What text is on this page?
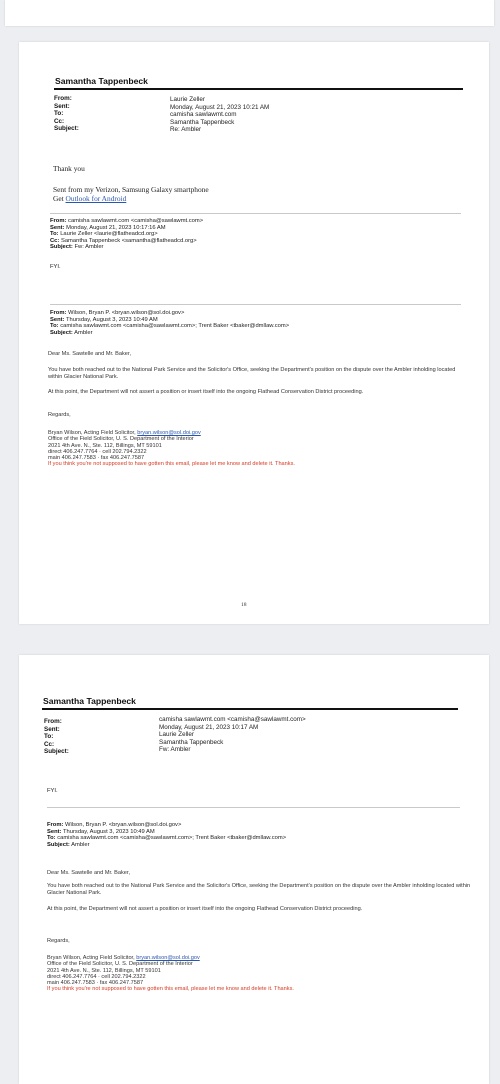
Samantha Tappenbeck
From:
Sent:
To:
Cc:
Subject:
Laurie Zeller
Monday, August 21, 2023 10:21 AM
camisha sawlawmt.com
Samantha Tappenbeck
Re: Ambler
Thank you
Sent from my Verizon, Samsung Galaxy smartphone
Get Outlook for Android
From: camisha sawlawmt.com <camisha@sawlawmt.com>
Sent: Monday, August 21, 2023 10:17:16 AM
To: Laurie Zeller <laurie@flatheadcd.org>
Cc: Samantha Tappenbeck <samantha@flatheadcd.org>
Subject: Fw: Ambler
FYI.
From: Wilson, Bryan P. <bryan.wilson@sol.doi.gov>
Sent: Thursday, August 3, 2023 10:49 AM
To: camisha sawlawmt.com <camisha@sawlawmt.com>; Trent Baker <tbaker@dmllaw.com>
Subject: Ambler
Dear Ms. Sawtelle and Mr. Baker,
You have both reached out to the National Park Service and the Solicitor's Office, seeking the Department's position on the dispute over the Ambler inholding located within Glacier National Park.
At this point, the Department will not assert a position or insert itself into the ongoing Flathead Conservation District proceeding.
Regards,
Bryan Wilson, Acting Field Solicitor, bryan.wilson@sol.doi.gov
Office of the Field Solicitor, U. S. Department of the Interior
2021 4th Ave. N., Ste. 112, Billings, MT 59101
direct 406.247.7764 · cell 202.794.2322
main 406.247.7583 · fax 406.247.7587
If you think you're not supposed to have gotten this email, please let me know and delete it. Thanks.
18
Samantha Tappenbeck
From:
Sent:
To:
Cc:
Subject:
camisha sawlawmt.com <camisha@sawlawmt.com>
Monday, August 21, 2023 10:17 AM
Laurie Zeller
Samantha Tappenbeck
Fw: Ambler
FYI.
From: Wilson, Bryan P. <bryan.wilson@sol.doi.gov>
Sent: Thursday, August 3, 2023 10:49 AM
To: camisha sawlawmt.com <camisha@sawlawmt.com>; Trent Baker <tbaker@dmllaw.com>
Subject: Ambler
Dear Ms. Sawtelle and Mr. Baker,
You have both reached out to the National Park Service and the Solicitor's Office, seeking the Department's position on the dispute over the Ambler inholding located within Glacier National Park.
At this point, the Department will not assert a position or insert itself into the ongoing Flathead Conservation District proceeding.
Regards,
Bryan Wilson, Acting Field Solicitor, bryan.wilson@sol.doi.gov
Office of the Field Solicitor, U. S. Department of the Interior
2021 4th Ave. N., Ste. 112, Billings, MT 59101
direct 406.247.7764 · cell 202.794.2322
main 406.247.7583 · fax 406.247.7587
If you think you're not supposed to have gotten this email, please let me know and delete it. Thanks.
